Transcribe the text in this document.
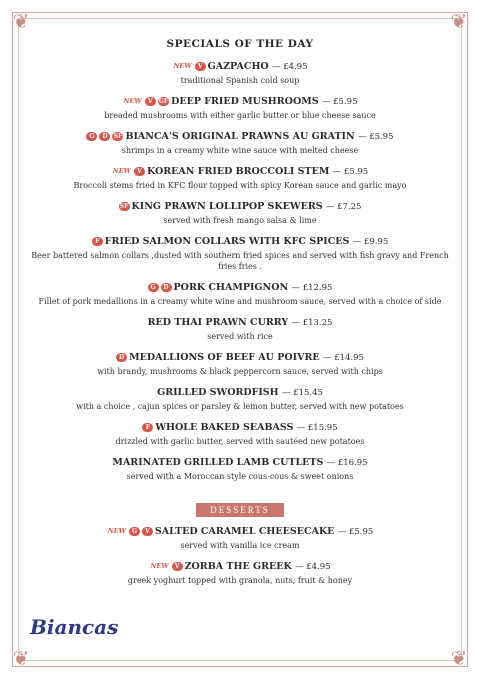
❦	❦
❦	❦
SPECIALS OF THE DAY
NEW V GAZPACHO — £4.95
traditional Spanish cold soup
NEW V GF DEEP FRIED MUSHROOMS — £5.95
breaded mushrooms with either garlic butter or blue cheese sauce
G D SF BIANCA'S ORIGINAL PRAWNS AU GRATIN — £5.95
shrimps in a creamy white wine sauce with melted cheese
NEW V KOREAN FRIED BROCCOLI STEM — £5.95
Broccoli stems fried in KFC flour topped with spicy Korean sauce and garlic mayo
SF KING PRAWN LOLLIPOP SKEWERS — £7.25
served with fresh mango salsa & lime
F FRIED SALMON COLLARS WITH KFC SPICES — £9.95
Beer battered salmon collars ,dusted with southern fried spices and served with fish gravy and French fries fries .
G D PORK CHAMPIGNON — £12.95
Fillet of pork medallions in a creamy white wine and mushroom sauce, served with a choice of side
RED THAI PRAWN CURRY — £13.25
served with rice
D MEDALLIONS OF BEEF AU POIVRE — £14.95
with brandy, mushrooms & black peppercorn sauce, served with chips
GRILLED SWORDFISH — £15.45
with a choice , cajun spices or parsley & lemon butter, served with new potatoes
F WHOLE BAKED SEABASS — £15.95
drizzled with garlic butter, served with sautéed new potatoes
MARINATED GRILLED LAMB CUTLETS — £16.95
served with a Moroccan style cous-cous & sweet onions
DESSERTS
NEW G V SALTED CARAMEL CHEESECAKE — £5.95
served with vanilla ice cream
NEW V ZORBA THE GREEK — £4.95
greek yoghurt topped with granola, nuts, fruit & honey
Biancas
